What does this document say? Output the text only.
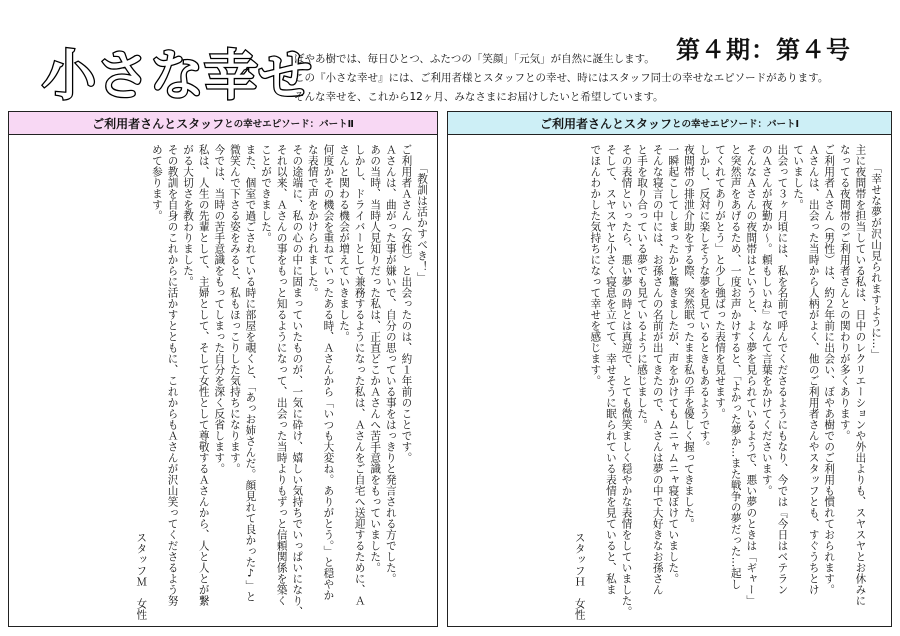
小さな幸せ	第４期：第４号

ぼやあ樹では、毎日ひとつ、ふたつの「笑顔」「元気」が自然に誕生します。

この『小さな幸せ』には、ご利用者様とスタッフとの幸せ、時にはスタッフ同士の幸せなエピソードがあります。

そんな幸せを、これから12ヶ月、みなさまにお届けしたいと希望しています。

ご利用者さんとスタッフ との幸せエピソード：パートⅡ

「教訓は活かすべき！」

ご利用者Ａさん（女性）と出会ったのは、約１年前のことです。

Ａさんは、曲がった事が嫌いで、自分の思っている事をはっきりと発言される方でした。

あの当時、当時人見知りだった私は、正直どこかＡさんへ苦手意識をもっていました。

しかし、ドライバーとして兼務するようになった私は、Ａさんをご自宅へ送迎するために、Ａ

さんと関わる機会が増えていきました。

何度かその機会を重ねていったある時、Ａさんから「いつも大変ね。ありがとう。」と穏やか

な表情で声をかけられました。

その途端に、私の心の中に固まっていたものが、一気に砕け、嬉しい気持ちでいっぱいになり、

それ以来、Ａさんの事をもっと知るようになって、出会った当時よりもずっと信頼関係を築く

ことができました。

また、個室で過ごされている時に部屋を覗くと、「あっお姉さんだ。顔見れて良かった♪」と

微笑んで下さる姿をみると、私もほっこりした気持ちになります。

今では、当時の苦手意識をもってしまった自分を深く反省します。

私は、人生の先輩として、主婦として、そして女性として尊敬するＡさんから、人と人とが繋

がる大切さを教わりました。

その教訓を自身のこれからに活かすとともに、これからもＡさんが沢山笑ってくださるよう努

めて参ります。

スタッフＭ　女性

ご利用者さんとスタッフ との幸せエピソード：パートⅠ

「幸せな夢が沢山見られますように…」

主に夜間帯を担当している私は、日中のレクリエーションや外出よりも、スヤスヤとお休みに

なってる夜間帯のご利用者さんとの関わりが多くあります。

ご利用者Ａさん（男性）は、約２年前に出会い、ぼやあ樹でのご利用も慣れておられます。

Ａさんは、出会った当時から人柄がよく、他のご利用者さんやスタッフとも、すぐうちとけ

ていました。

出会って３ヶ月頃には、私を名前で呼んでくださるようにもなり、今では『今日はベテラン

のＡさんが夜勤か～。頼もしいね』なんて言葉をかけてくださいます。

そんなＡさんの夜間帯はというと、よく夢を見られているようで、悪い夢のときは「ギャー」

と突然声をあげるため、一度お声かけすると、「よかった夢か…また戦争の夢だった…起し

てくれてありがとう」と少し強ばった表情を見せます。

しかし、反対に楽しそうな夢を見ているときもあるようです。

夜間帯の排泄介助をする際、突然眠ったまま私の手を優しく握ってきました。

一瞬起こしてしまったかと驚きましたが、声をかけてもムニャムニャ寝ぼけていました。

そんな寝言の中には、お孫さんの名前が出てきたので、Ａさんは夢の中で大好きなお孫さん

と手を取り合っている夢でも見ているように感じました。

その表情といったら、悪い夢の時とは真逆で、とても微笑ましく穏やかな表情をしていました。

そして、スヤスヤと小さく寝息を立てて、幸せそうに眠られている表情を見ていると、私ま

でほんわかした気持ちになって幸せを感じます。

スタッフＨ　女性
